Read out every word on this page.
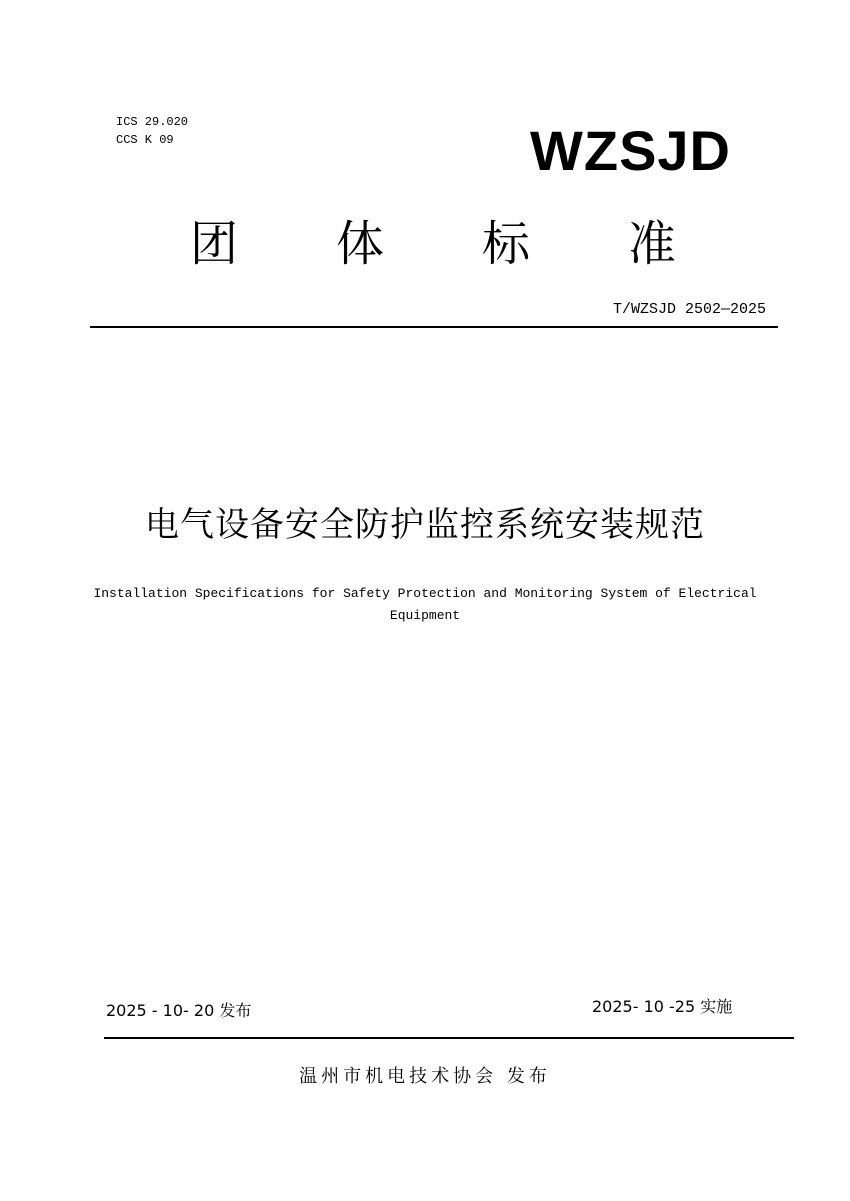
ICS 29.020
CCS K 09	WZSJD
团 体 标 准
T/WZSJD 2502—2025
电气设备安全防护监控系统安装规范
Installation Specifications for Safety Protection and Monitoring System of Electrical Equipment
2025 - 10- 20 发布	2025- 10 -25 实施
温州市机电技术协会 发布
